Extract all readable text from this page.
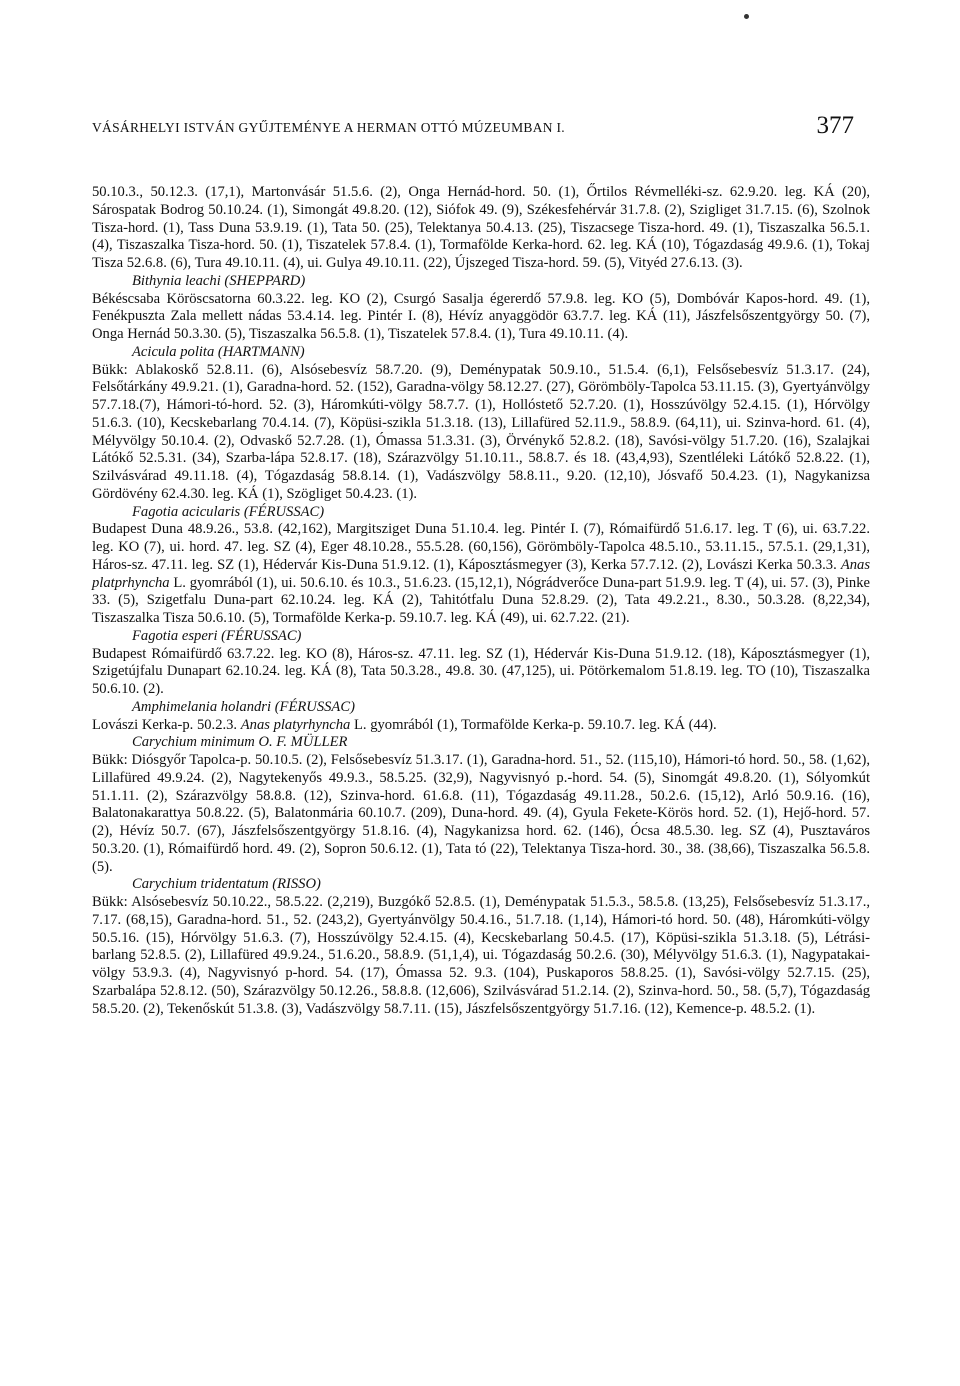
VÁSÁRHELYI ISTVÁN GYŰJTEMÉNYE A HERMAN OTTÓ MÚZEUMBAN I.	377

50.10.3., 50.12.3. (17,1), Martonvásár 51.5.6. (2), Onga Hernád-hord. 50. (1), Őrtilos Révmelléki-sz. 62.9.20. leg. KÁ (20), Sárospatak Bodrog 50.10.24. (1), Simongát 49.8.20. (12), Siófok 49. (9), Székesfehérvár 31.7.8. (2), Szigliget 31.7.15. (6), Szolnok Tisza-hord. (1), Tass Duna 53.9.19. (1), Tata 50. (25), Telektanya 50.4.13. (25), Tiszacsege Tisza-hord. 49. (1), Tiszaszalka 56.5.1. (4), Tiszaszalka Tisza-hord. 50. (1), Tiszatelek 57.8.4. (1), Tormaföldе Kerka-hord. 62. leg. KÁ (10), Tógazdaság 49.9.6. (1), Tokaj Tisza 52.6.8. (6), Tura 49.10.11. (4), ui. Gulya 49.10.11. (22), Újszeged Tisza-hord. 59. (5), Vityéd 27.6.13. (3).

Bithynia leachi (SHEPPARD)

Békéscsaba Köröscsatorna 60.3.22. leg. KO (2), Csurgó Sasalja égererdő 57.9.8. leg. KO (5), Dombóvár Kapos-hord. 49. (1), Fenékpuszta Zala mellett nádas 53.4.14. leg. Pintér I. (8), Hévíz anyaggödör 63.7.7. leg. KÁ (11), Jászfelsőszentgyörgy 50. (7), Onga Hernád 50.3.30. (5), Tiszaszalka 56.5.8. (1), Tiszatelek 57.8.4. (1), Tura 49.10.11. (4).

Acicula polita (HARTMANN)

Bükk: Ablakoskő 52.8.11. (6), Alsósebesvíz 58.7.20. (9), Deménypatak 50.9.10., 51.5.4. (6,1), Felsősebesvíz 51.3.17. (24), Felsőtárkány 49.9.21. (1), Garadna-hord. 52. (152), Garadna-völgy 58.12.27. (27), Görömböly-Tapolca 53.11.15. (3), Gyertyánvölgy 57.7.18.(7), Hámori-tó-hord. 52. (3), Háromkúti-völgy 58.7.7. (1), Hollóstető 52.7.20. (1), Hosszúvölgy 52.4.15. (1), Hórvölgy 51.6.3. (10), Kecskebarlang 70.4.14. (7), Köpüsi-szikla 51.3.18. (13), Lillafüred 52.11.9., 58.8.9. (64,11), ui. Szinva-hord. 61. (4), Mélyvölgy 50.10.4. (2), Odvaskő 52.7.28. (1), Ómassa 51.3.31. (3), Örvénykő 52.8.2. (18), Savósi-völgy 51.7.20. (16), Szalajkai Látókő 52.5.31. (34), Szarba-lápa 52.8.17. (18), Szárazvölgy 51.10.11., 58.8.7. és 18. (43,4,93), Szentléleki Látókő 52.8.22. (1), Szilvásvárad 49.11.18. (4), Tógazdaság 58.8.14. (1), Vadászvölgy 58.8.11., 9.20. (12,10), Jósvafő 50.4.23. (1), Nagykanizsa Gördövény 62.4.30. leg. KÁ (1), Szögliget 50.4.23. (1).

Fagotia acicularis (FÉRUSSAC)

Budapest Duna 48.9.26., 53.8. (42,162), Margitsziget Duna 51.10.4. leg. Pintér I. (7), Rómaifürdő 51.6.17. leg. T (6), ui. 63.7.22. leg. KO (7), ui. hord. 47. leg. SZ (4), Eger 48.10.28., 55.5.28. (60,156), Görömböly-Tapolca 48.5.10., 53.11.15., 57.5.1. (29,1,31), Háros-sz. 47.11. leg. SZ (1), Hédervár Kis-Duna 51.9.12. (1), Káposztásmegyer (3), Kerka 57.7.12. (2), Lovászi Kerka 50.3.3. Anas platprhyncha L. gyomrából (1), ui. 50.6.10. és 10.3., 51.6.23. (15,12,1), Nógrádverőce Duna-part 51.9.9. leg. T (4), ui. 57. (3), Pinke 33. (5), Szigetfalu Duna-part 62.10.24. leg. KÁ (2), Tahitótfalu Duna 52.8.29. (2), Tata 49.2.21., 8.30., 50.3.28. (8,22,34), Tiszaszalka Tisza 50.6.10. (5), Tormaföldе Kerka-p. 59.10.7. leg. KÁ (49), ui. 62.7.22. (21).

Fagotia esperi (FÉRUSSAC)

Budapest Rómaifürdő 63.7.22. leg. KO (8), Háros-sz. 47.11. leg. SZ (1), Hédervár Kis-Duna 51.9.12. (18), Káposztásmegyer (1), Szigetújfalu Dunapart 62.10.24. leg. KÁ (8), Tata 50.3.28., 49.8. 30. (47,125), ui. Pötörkemalom 51.8.19. leg. TO (10), Tiszaszalka 50.6.10. (2).

Amphimelania holandri (FÉRUSSAC)

Lovászi Kerka-p. 50.2.3. Anas platyrhyncha L. gyomrából (1), Tormaföldе Kerka-p. 59.10.7. leg. KÁ (44).

Carychium minimum O. F. MÜLLER

Bükk: Diósgyőr Tapolca-p. 50.10.5. (2), Felsősebesvíz 51.3.17. (1), Garadna-hord. 51., 52. (115,10), Hámori-tó hord. 50., 58. (1,62), Lillafüred 49.9.24. (2), Nagytekenyős 49.9.3., 58.5.25. (32,9), Nagyvisnyó p.-hord. 54. (5), Sinomgát 49.8.20. (1), Sólyomkút 51.1.11. (2), Szárazvölgy 58.8.8. (12), Szinva-hord. 61.6.8. (11), Tógazdaság 49.11.28., 50.2.6. (15,12), Arló 50.9.16. (16), Balatonakarattya 50.8.22. (5), Balatonmária 60.10.7. (209), Duna-hord. 49. (4), Gyula Fekete-Körös hord. 52. (1), Hejő-hord. 57. (2), Hévíz 50.7. (67), Jászfelsőszentgyörgy 51.8.16. (4), Nagykanizsa hord. 62. (146), Ócsa 48.5.30. leg. SZ (4), Pusztaváros 50.3.20. (1), Rómaifürdő hord. 49. (2), Sopron 50.6.12. (1), Tata tó (22), Telektanya Tisza-hord. 30., 38. (38,66), Tiszaszalka 56.5.8. (5).

Carychium tridentatum (RISSO)

Bükk: Alsósebesvíz 50.10.22., 58.5.22. (2,219), Buzgókő 52.8.5. (1), Deménypatak 51.5.3., 58.5.8. (13,25), Felsősebesvíz 51.3.17., 7.17. (68,15), Garadna-hord. 51., 52. (243,2), Gyertyánvölgy 50.4.16., 51.7.18. (1,14), Hámori-tó hord. 50. (48), Háromkúti-völgy 50.5.16. (15), Hórvölgy 51.6.3. (7), Hosszúvölgy 52.4.15. (4), Kecskebarlang 50.4.5. (17), Köpüsi-szikla 51.3.18. (5), Létrási-barlang 52.8.5. (2), Lillafüred 49.9.24., 51.6.20., 58.8.9. (51,1,4), ui. Tógazdaság 50.2.6. (30), Mélyvölgy 51.6.3. (1), Nagypatakai-völgy 53.9.3. (4), Nagyvisnyó p-hord. 54. (17), Ómassa 52. 9.3. (104), Puskaporos 58.8.25. (1), Savósi-völgy 52.7.15. (25), Szarbalápa 52.8.12. (50), Szárazvölgy 50.12.26., 58.8.8. (12,606), Szilvásvárad 51.2.14. (2), Szinva-hord. 50., 58. (5,7), Tógazdaság 58.5.20. (2), Tekenőskút 51.3.8. (3), Vadászvölgy 58.7.11. (15), Jászfelsőszentgyörgy 51.7.16. (12), Kemence-p. 48.5.2. (1).
